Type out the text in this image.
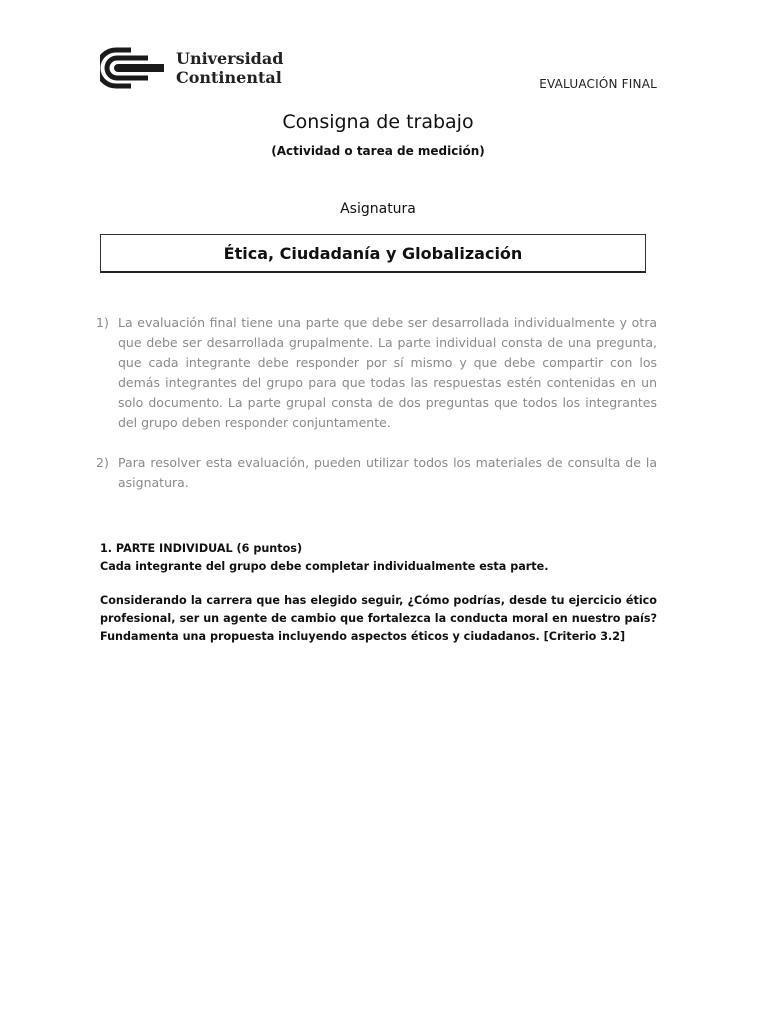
Universidad
Continental	EVALUACIÓN FINAL
Consigna de trabajo
(Actividad o tarea de medición)
Asignatura
Ética, Ciudadanía y Globalización
1) La evaluación final tiene una parte que debe ser desarrollada individualmente y otra que debe ser desarrollada grupalmente. La parte individual consta de una pregunta, que cada integrante debe responder por sí mismo y que debe compartir con los demás integrantes del grupo para que todas las respuestas estén contenidas en un solo documento. La parte grupal consta de dos preguntas que todos los integrantes del grupo deben responder conjuntamente.
2) Para resolver esta evaluación, pueden utilizar todos los materiales de consulta de la asignatura.

1. PARTE INDIVIDUAL (6 puntos)

Cada integrante del grupo debe completar individualmente esta parte.

Considerando la carrera que has elegido seguir, ¿Cómo podrías, desde tu ejercicio ético profesional, ser un agente de cambio que fortalezca la conducta moral en nuestro país? Fundamenta una propuesta incluyendo aspectos éticos y ciudadanos. [Criterio 3.2]
